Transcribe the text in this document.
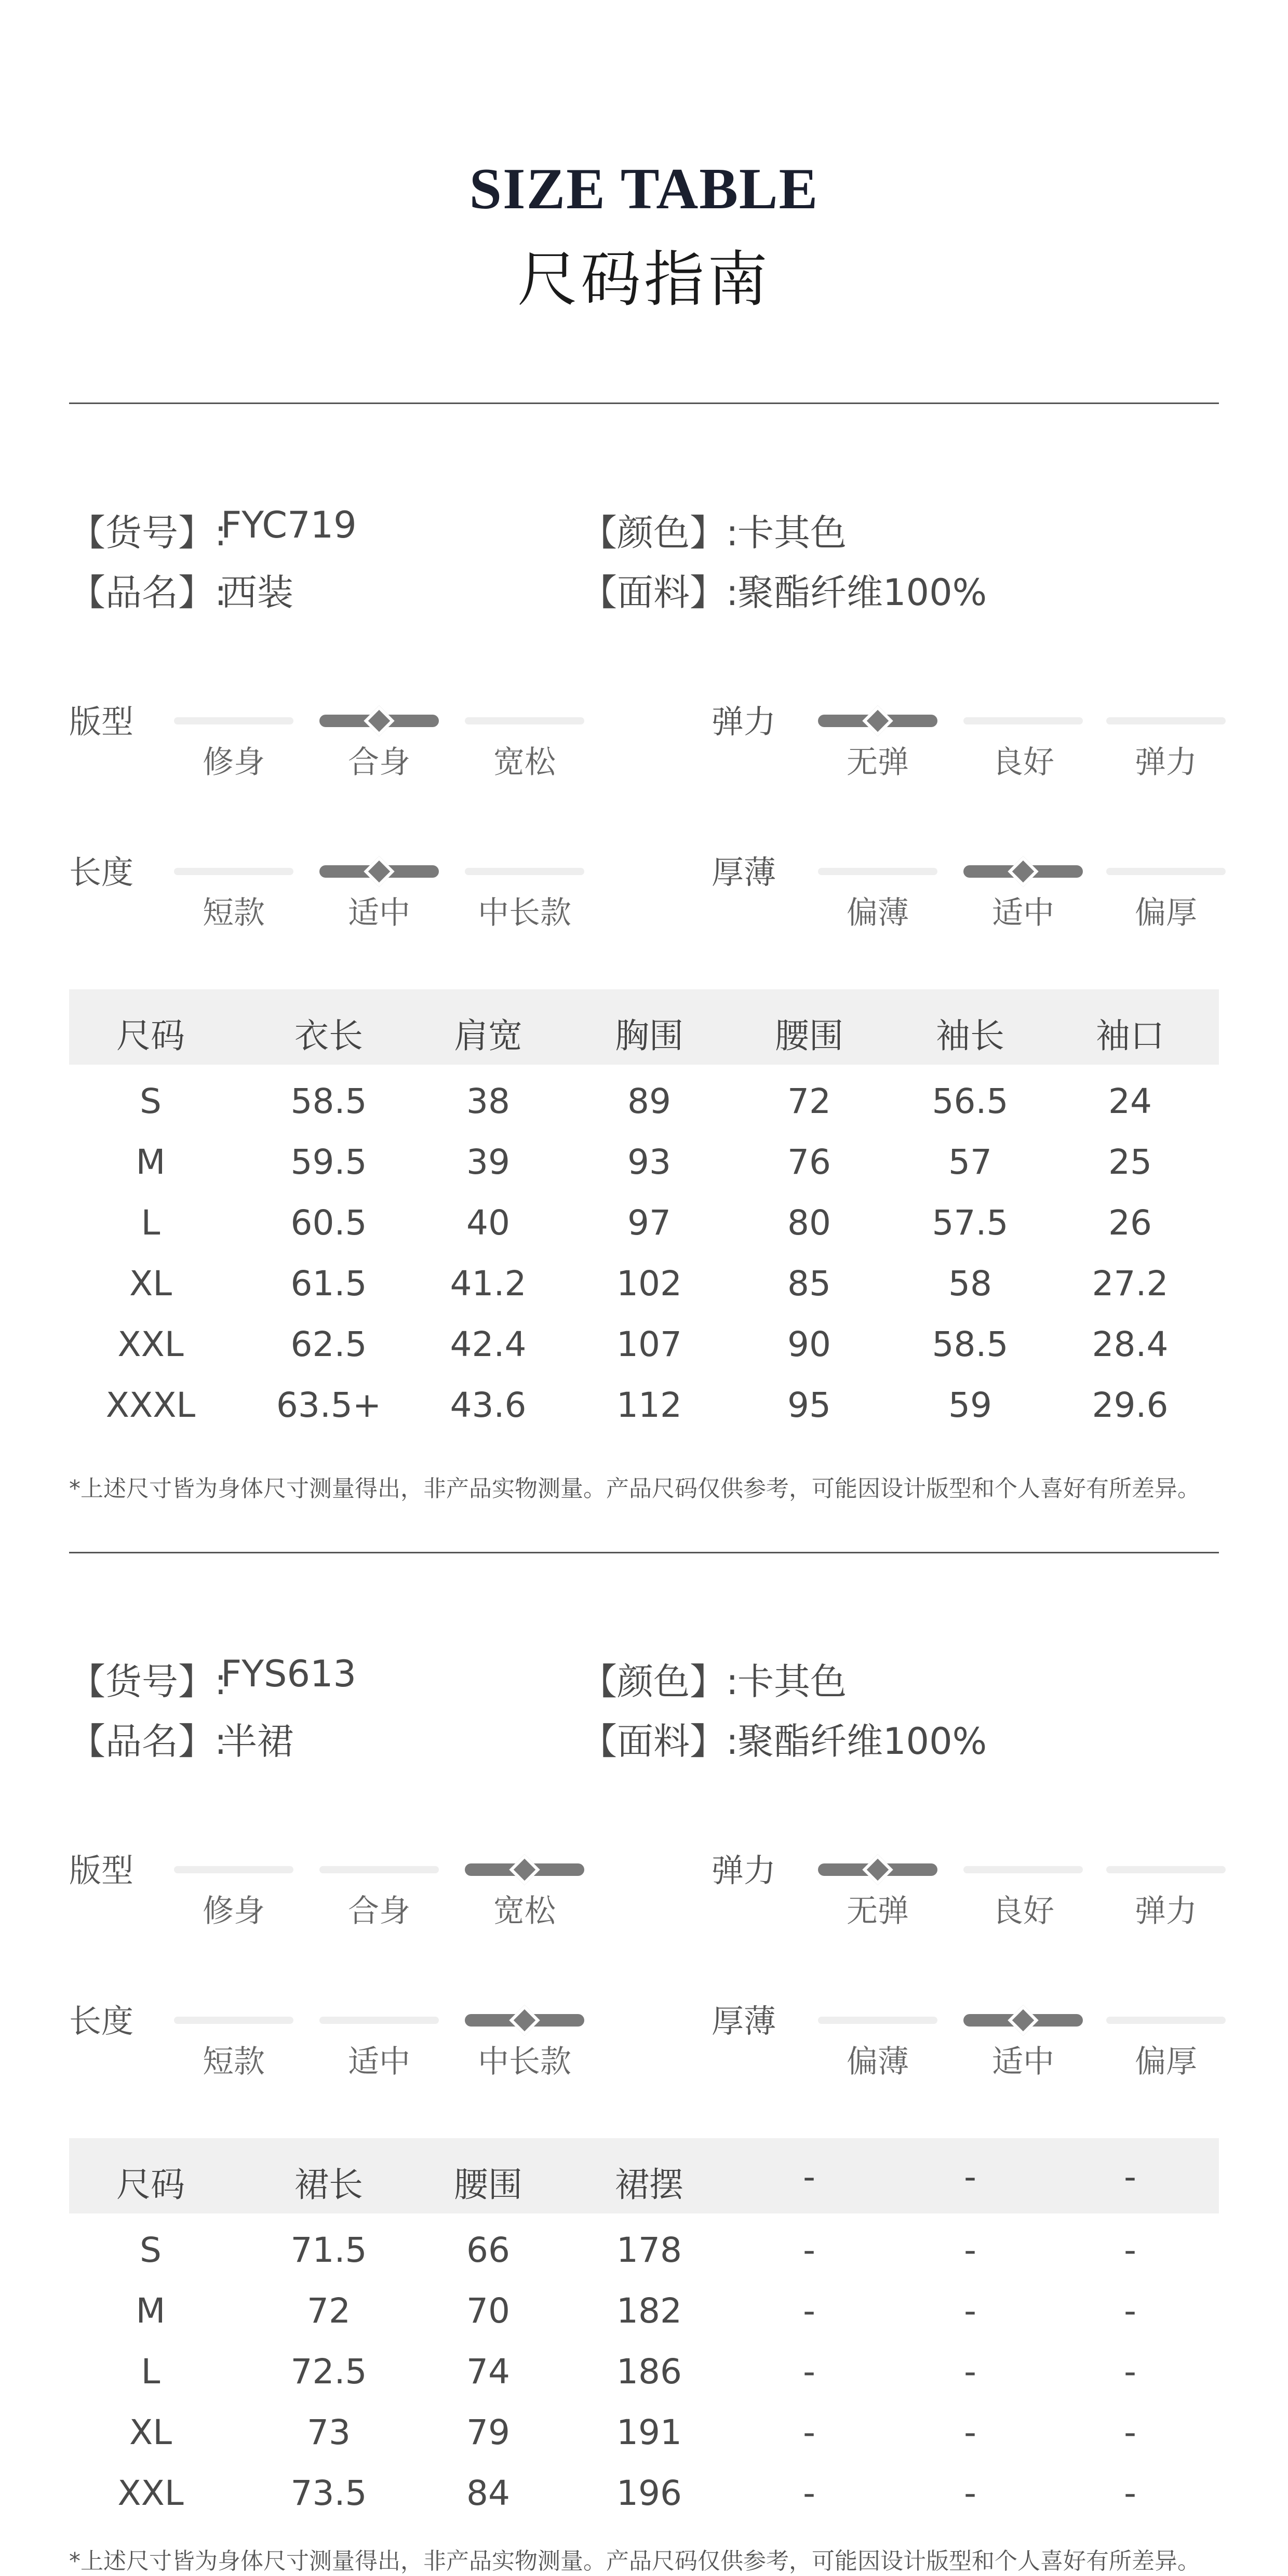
SIZE TABLE
尺码指南
【货号】:
FYC719
【品名】:
西装
【颜色】:
卡其色
【面料】:
聚酯纤维100%
版型
修身	合身	宽松
弹力
无弹	良好	弹力
长度
短款	适中	中长款
厚薄
偏薄	适中	偏厚
尺码	衣长	肩宽	胸围	腰围	袖长	袖口
S	58.5	38	89	72	56.5	24
M	59.5	39	93	76	57	25
L	60.5	40	97	80	57.5	26
XL	61.5	41.2	102	85	58	27.2
XXL	62.5	42.4	107	90	58.5	28.4
XXXL	63.5+	43.6	112	95	59	29.6
*上述尺寸皆为身体尺寸测量得出，非产品实物测量。产品尺码仅供参考，可能因设计版型和个人喜好有所差异。
【货号】:
FYS613
【品名】:
半裙
【颜色】:
卡其色
【面料】:
聚酯纤维100%
版型
修身	合身	宽松
弹力
无弹	良好	弹力
长度
短款	适中	中长款
厚薄
偏薄	适中	偏厚
尺码	裙长	腰围	裙摆	-	-	-
S	71.5	66	178	-	-	-
M	72	70	182	-	-	-
L	72.5	74	186	-	-	-
XL	73	79	191	-	-	-
XXL	73.5	84	196	-	-	-
*上述尺寸皆为身体尺寸测量得出，非产品实物测量。产品尺码仅供参考，可能因设计版型和个人喜好有所差异。
